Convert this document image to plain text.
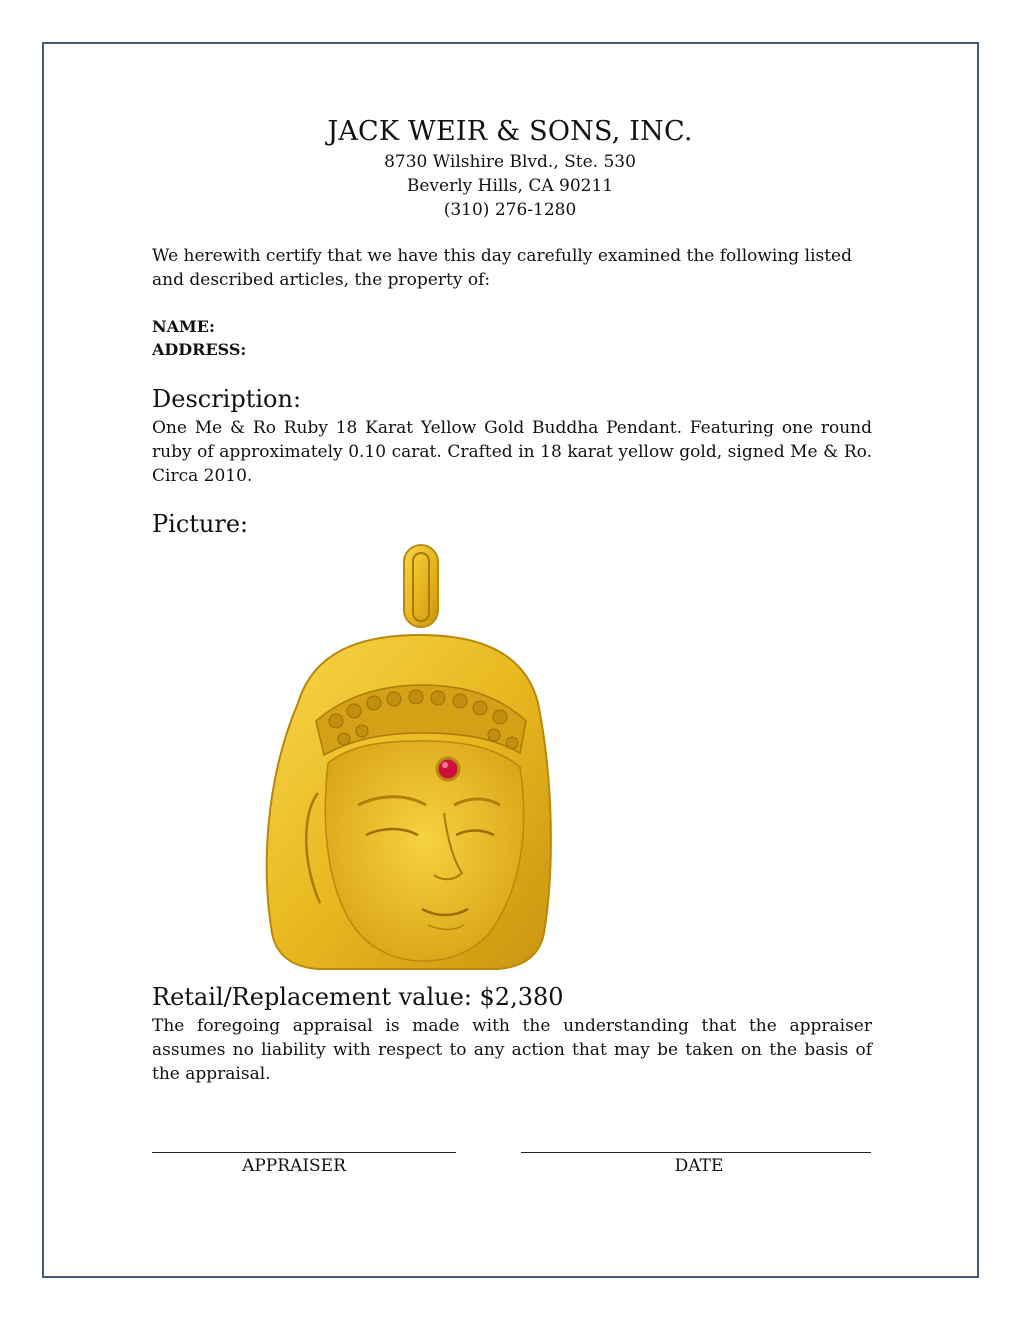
JACK WEIR & SONS, INC.
8730 Wilshire Blvd., Ste. 530
Beverly Hills, CA 90211
(310) 276-1280
We herewith certify that we have this day carefully examined the following listed and described articles, the property of:
NAME:
ADDRESS:
Description:
One Me & Ro Ruby 18 Karat Yellow Gold Buddha Pendant. Featuring one round ruby of approximately 0.10 carat. Crafted in 18 karat yellow gold, signed Me & Ro. Circa 2010.
Picture:
Retail/Replacement value: $2,380
The foregoing appraisal is made with the understanding that the appraiser assumes no liability with respect to any action that may be taken on the basis of the appraisal.
APPRAISER	DATE
